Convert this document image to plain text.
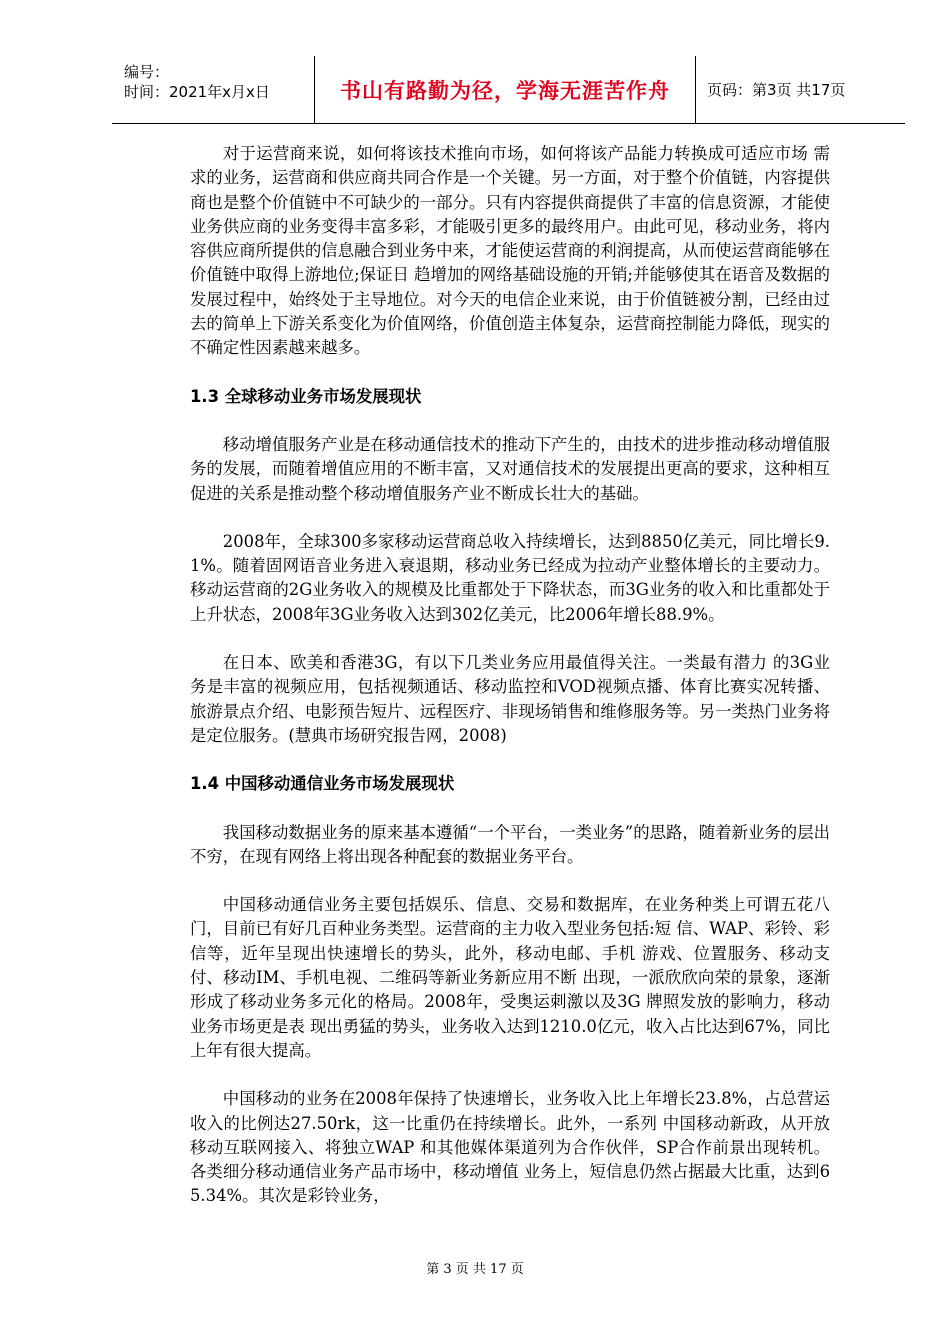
编号：
时间：2021年x月x日	书山有路勤为径，学海无涯苦作舟 页码：第3页 共17页

对于运营商来说，如何将该技术推向市场，如何将该产品能力转换成可适应市场 需求的业务，运营商和供应商共同合作是一个关键。另一方面，对于整个价值链，内容提供商也是整个价值链中不可缺少的一部分。只有内容提供商提供了丰富的信息资源，才能使业务供应商的业务变得丰富多彩，才能吸引更多的最终用户。由此可见，移动业务，将内容供应商所提供的信息融合到业务中来，才能使运营商的利润提高，从而使运营商能够在价值链中取得上游地位;保证日 趋增加的网络基础设施的开销;并能够使其在语音及数据的发展过程中，始终处于主导地位。对今天的电信企业来说，由于价值链被分割，已经由过去的简单上下游关系变化为价值网络，价值创造主体复杂，运营商控制能力降低，现实的不确定性因素越来越多。

1.3 全球移动业务市场发展现状

移动增值服务产业是在移动通信技术的推动下产生的，由技术的进步推动移动增值服务的发展，而随着增值应用的不断丰富，又对通信技术的发展提出更高的要求，这种相互促进的关系是推动整个移动增值服务产业不断成长壮大的基础。

2008年，全球300多家移动运营商总收入持续增长，达到8850亿美元，同比增长9.1%。随着固网语音业务进入衰退期，移动业务已经成为拉动产业整体增长的主要动力。移动运营商的2G业务收入的规模及比重都处于下降状态，而3G业务的收入和比重都处于上升状态，2008年3G业务收入达到302亿美元，比2006年增长88.9%。

在日本、欧美和香港3G，有以下几类业务应用最值得关注。一类最有潜力 的3G业务是丰富的视频应用，包括视频通话、移动监控和VOD视频点播、体育比赛实况转播、旅游景点介绍、电影预告短片、远程医疗、非现场销售和维修服务等。另一类热门业务将是定位服务。(慧典市场研究报告网，2008)

1.4 中国移动通信业务市场发展现状

我国移动数据业务的原来基本遵循“一个平台，一类业务”的思路，随着新业务的层出不穷，在现有网络上将出现各种配套的数据业务平台。

中国移动通信业务主要包括娱乐、信息、交易和数据库，在业务种类上可谓五花八门，目前已有好几百种业务类型。运营商的主力收入型业务包括:短 信、WAP、彩铃、彩信等，近年呈现出快速增长的势头，此外，移动电邮、手机 游戏、位置服务、移动支付、移动IM、手机电视、二维码等新业务新应用不断 出现，一派欣欣向荣的景象，逐渐形成了移动业务多元化的格局。2008年，受奥运刺激以及3G 牌照发放的影响力，移动业务市场更是表 现出勇猛的势头，业务收入达到1210.0亿元，收入占比达到67%，同比上年有很大提高。

中国移动的业务在2008年保持了快速增长，业务收入比上年增长23.8%，占总营运收入的比例达27.50rk，这一比重仍在持续增长。此外，一系列 中国移动新政，从开放移动互联网接入、将独立WAP 和其他媒体渠道列为合作伙伴，SP合作前景出现转机。各类细分移动通信业务产品市场中，移动增值 业务上，短信息仍然占据最大比重，达到65.34%。其次是彩铃业务，

第 3 页 共 17 页
